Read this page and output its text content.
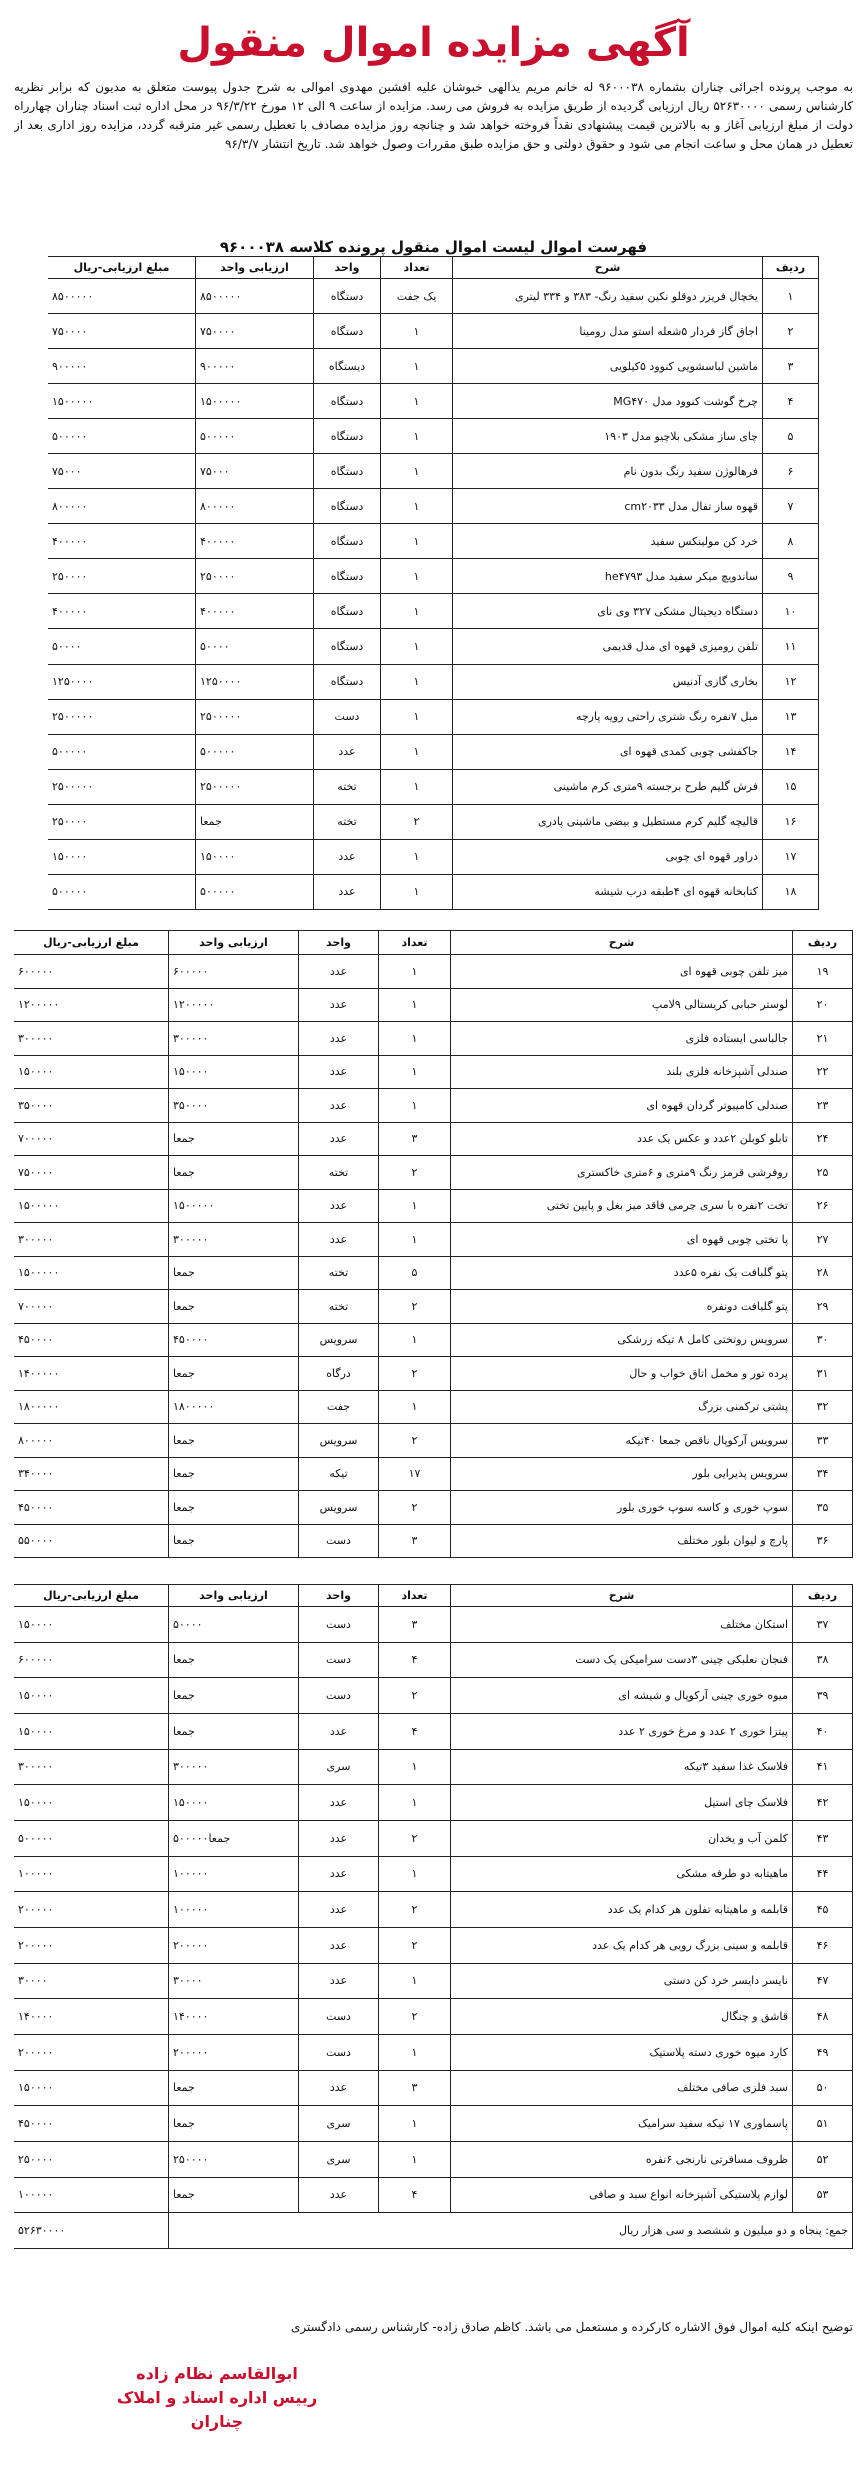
آگهی مزایده اموال منقول
به موجب پرونده اجرائی چناران بشماره ۹۶۰۰۰۳۸ له خانم مریم یدالهی خبوشان علیه افشین مهدوی اموالی به شرح جدول پیوست متعلق به مدیون که برابر نظریه کارشناس رسمی ۵۲۶۳۰۰۰۰ ریال ارزیابی گردیده از طریق مزایده به فروش می رسد. مزایده از ساعت ۹ الی ۱۲ مورخ ۹۶/۳/۲۲ در محل اداره ثبت اسناد چناران چهارراه دولت از مبلغ ارزیابی آغاز و به بالاترین قیمت پیشنهادی نقداً فروخته خواهد شد و چنانچه روز مزایده مصادف با تعطیل رسمی غیر مترقبه گردد، مزایده روز اداری بعد از تعطیل در همان محل و ساعت انجام می شود و حقوق دولتی و حق مزایده طبق مقررات وصول خواهد شد. تاریخ انتشار ۹۶/۳/۷
فهرست اموال لیست اموال منقول پرونده کلاسه ۹۶۰۰۰۳۸
ردیف	شرح	تعداد	واحد	ارزیابی واحد	مبلغ ارزیابی-ریال
۱	یخچال فریزر دوقلو نکین سفید رنگ- ۳۸۳ و ۳۳۴ لیتری	یک جفت	دستگاه	۸۵۰۰۰۰۰	۸۵۰۰۰۰۰
۲	اجاق گاز فردار ۵شعله استو مدل رومینا	۱	دستگاه	۷۵۰۰۰۰	۷۵۰۰۰۰
۳	ماشین لباسشویی کنوود ۵کیلویی	۱	دیستگاه	۹۰۰۰۰۰	۹۰۰۰۰۰
۴	چرخ گوشت کنوود مدل MG۴۷۰	۱	دستگاه	۱۵۰۰۰۰۰	۱۵۰۰۰۰۰
۵	چای ساز مشکی بلاچیو مدل ۱۹۰۳	۱	دستگاه	۵۰۰۰۰۰	۵۰۰۰۰۰
۶	فرهالوژن سفید رنگ بدون نام	۱	دستگاه	۷۵۰۰۰	۷۵۰۰۰
۷	قهوه ساز تفال مدل cm۲۰۳۳	۱	دستگاه	۸۰۰۰۰۰	۸۰۰۰۰۰
۸	خرد کن مولینکس سفید	۱	دستگاه	۴۰۰۰۰۰	۴۰۰۰۰۰
۹	ساندویچ میکر سفید مدل he۴۷۹۳	۱	دستگاه	۲۵۰۰۰۰	۲۵۰۰۰۰
۱۰	دستگاه دیجیتال مشکی ۳۲۷ وی نای	۱	دستگاه	۴۰۰۰۰۰	۴۰۰۰۰۰
۱۱	تلفن رومیزی قهوه ای مدل قدیمی	۱	دستگاه	۵۰۰۰۰	۵۰۰۰۰
۱۲	بخاری گازی آدنیس	۱	دستگاه	۱۲۵۰۰۰۰	۱۲۵۰۰۰۰
۱۳	مبل ۷نفره رنگ شتری راحتی رویه پارچه	۱	دست	۲۵۰۰۰۰۰	۲۵۰۰۰۰۰
۱۴	جاکفشی چوبی کمدی قهوه ای	۱	عدد	۵۰۰۰۰۰	۵۰۰۰۰۰
۱۵	فرش گلیم طرح برجسته ۹متری کرم ماشینی	۱	تخته	۲۵۰۰۰۰۰	۲۵۰۰۰۰۰
۱۶	قالیچه گلیم کرم مستطیل و بیضی ماشینی پادری	۲	تخته	جمعا	۲۵۰۰۰۰
۱۷	دراور قهوه ای چوبی	۱	عدد	۱۵۰۰۰۰	۱۵۰۰۰۰
۱۸	کتابخانه قهوه ای ۴طبقه درب شیشه	۱	عدد	۵۰۰۰۰۰	۵۰۰۰۰۰
ردیف	شرح	تعداد	واحد	ارزیابی واحد	مبلغ ارزیابی-ریال
۱۹	میز تلفن چوبی قهوه ای	۱	عدد	۶۰۰۰۰۰	۶۰۰۰۰۰
۲۰	لوستر حبابی کریستالی ۹لامپ	۱	عدد	۱۲۰۰۰۰۰	۱۲۰۰۰۰۰
۲۱	جالباسی ایستاده فلزی	۱	عدد	۳۰۰۰۰۰	۳۰۰۰۰۰
۲۲	صندلی آشپزخانه فلزی بلند	۱	عدد	۱۵۰۰۰۰	۱۵۰۰۰۰
۲۳	صندلی کامپیوتر گردان قهوه ای	۱	عدد	۳۵۰۰۰۰	۳۵۰۰۰۰
۲۴	تابلو کوبلن ۲عدد و عکس یک عدد	۳	عدد	جمعا	۷۰۰۰۰۰
۲۵	روفرشی قرمز رنگ ۹متری و ۶متری خاکستری	۲	تخته	جمعا	۷۵۰۰۰۰
۲۶	تخت ۲نفره با سری چرمی فاقد میز بغل و پایین تختی	۱	عدد	۱۵۰۰۰۰۰	۱۵۰۰۰۰۰
۲۷	پا تختی چوبی قهوه ای	۱	عدد	۳۰۰۰۰۰	۳۰۰۰۰۰
۲۸	پتو گلبافت یک نفره ۵عدد	۵	تخته	جمعا	۱۵۰۰۰۰۰
۲۹	پتو گلبافت دونفره	۲	تخته	جمعا	۷۰۰۰۰۰
۳۰	سرویس روتختی کامل ۸ تیکه زرشکی	۱	سرویس	۴۵۰۰۰۰	۴۵۰۰۰۰
۳۱	پرده تور و مخمل اتاق خواب و حال	۲	درگاه	جمعا	۱۴۰۰۰۰۰
۳۲	پشتی ترکمنی بزرگ	۱	جفت	۱۸۰۰۰۰۰	۱۸۰۰۰۰۰
۳۳	سرویس آرکوپال ناقص جمعا ۴۰تیکه	۲	سرویس	جمعا	۸۰۰۰۰۰
۳۴	سرویس پذیرایی بلور	۱۷	تیکه	جمعا	۳۴۰۰۰۰
۳۵	سوپ خوری و کاسه سوپ خوری بلور	۲	سرویس	جمعا	۴۵۰۰۰۰
۳۶	پارچ و لیوان بلور مختلف	۳	دست	جمعا	۵۵۰۰۰۰
ردیف	شرح	تعداد	واحد	ارزیابی واحد	مبلغ ارزیابی-ریال
۳۷	استکان مختلف	۳	دست	۵۰۰۰۰	۱۵۰۰۰۰
۳۸	فنجان نعلبکی چینی ۳دست سرامیکی یک دست	۴	دست	جمعا	۶۰۰۰۰۰
۳۹	میوه خوری چینی آرکوپال و شیشه ای	۲	دست	جمعا	۱۵۰۰۰۰
۴۰	پیتزا خوری ۲ عدد و مرغ خوری ۲ عدد	۴	عدد	جمعا	۱۵۰۰۰۰
۴۱	فلاسک غذا سفید ۳تیکه	۱	سری	۳۰۰۰۰۰	۳۰۰۰۰۰
۴۲	فلاسک چای استیل	۱	عدد	۱۵۰۰۰۰	۱۵۰۰۰۰
۴۳	کلمن آب و یخدان	۲	عدد	جمعا۵۰۰۰۰۰	۵۰۰۰۰۰
۴۴	ماهیتابه دو طرفه مشکی	۱	عدد	۱۰۰۰۰۰	۱۰۰۰۰۰
۴۵	قابلمه و ماهیتابه تفلون هر کدام یک عدد	۲	عدد	۱۰۰۰۰۰	۲۰۰۰۰۰
۴۶	قابلمه و سینی بزرگ رویی هر کدام یک عدد	۲	عدد	۲۰۰۰۰۰	۲۰۰۰۰۰
۴۷	نایسر دایسر خرد کن دستی	۱	عدد	۳۰۰۰۰	۳۰۰۰۰
۴۸	قاشق و چنگال	۲	دست	۱۴۰۰۰۰	۱۴۰۰۰۰
۴۹	کارد میوه خوری دسته پلاستیک	۱	دست	۲۰۰۰۰۰	۲۰۰۰۰۰
۵۰	سبد فلزی صافی مختلف	۳	عدد	جمعا	۱۵۰۰۰۰
۵۱	پاسماوری ۱۷ تیکه سفید سرامیک	۱	سری	جمعا	۴۵۰۰۰۰
۵۲	ظروف مسافرتی نارنجی ۶نفره	۱	سری	۲۵۰۰۰۰	۲۵۰۰۰۰
۵۳	لوازم پلاستیکی آشپزخانه انواع سبد و صافی	۴	عدد	جمعا	۱۰۰۰۰۰
جمع: پنجاه و دو میلیون و ششصد و سی هزار ریال					۵۲۶۳۰۰۰۰
توضیح اینکه کلیه اموال فوق الاشاره کارکرده و مستعمل می باشد. کاظم صادق زاده- کارشناس رسمی دادگستری
ابوالقاسم نظام زاده
رییس اداره اسناد و املاک چناران
